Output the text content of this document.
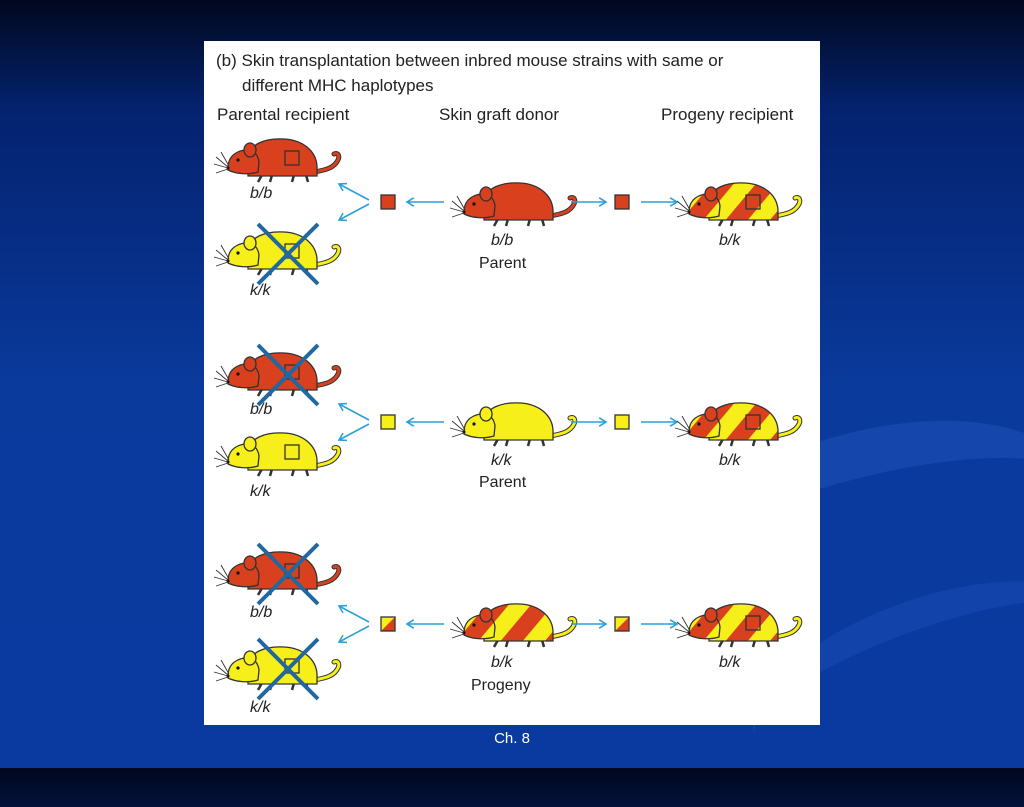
(b) Skin transplantation between inbred mouse strains with same or
different MHC haplotypes
Parental recipient	Skin graft donor	Progeny recipient
b/b
k/k
b/b
Parent
b/k
b/b
k/k
k/k
Parent
b/k
b/b
k/k
b/k
Progeny
b/k
Ch. 8
